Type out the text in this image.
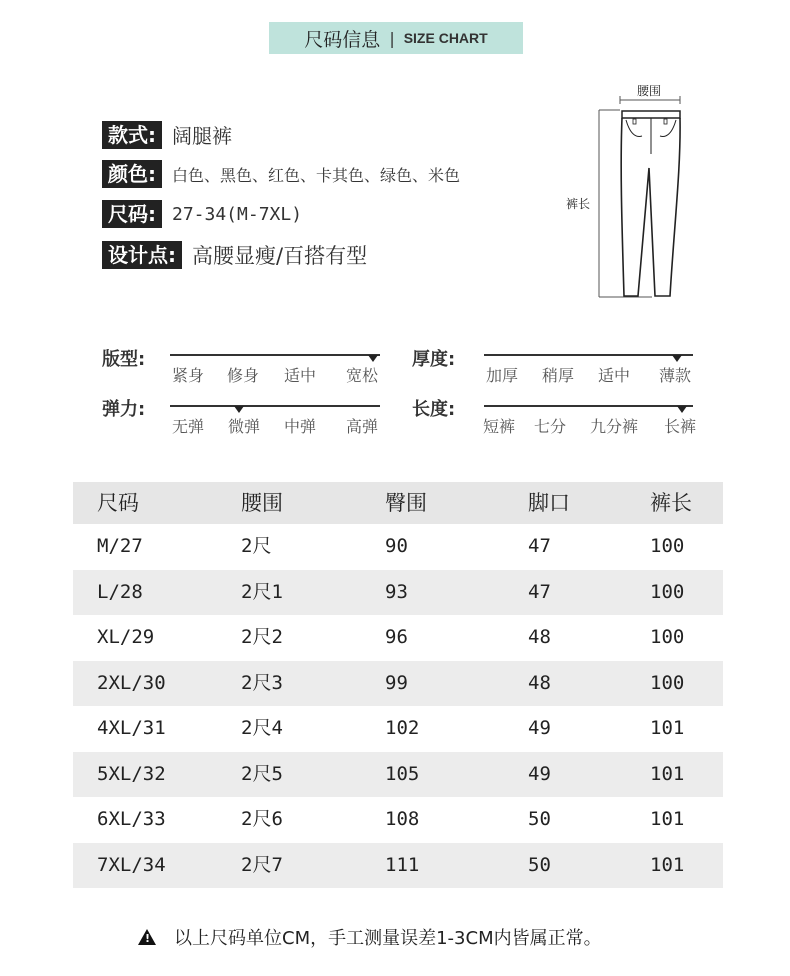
尺码信息 | SIZE CHART
款式: 阔腿裤
颜色:	白色、黑色、红色、卡其色、绿色、米色
尺码: 27-34(M-7XL)
设计点: 高腰显瘦/百搭有型
腰围
裤长
版型:
紧身 修身 适中 宽松
厚度:
加厚 稍厚 适中 薄款
弹力:
无弹 微弹 中弹 高弹
长度:
短裤 七分 九分裤 长裤
尺码	腰围	臀围	脚口	裤长
M/27	2尺	90	47	100
L/28	2尺1	93	47	100
XL/29	2尺2	96	48	100
2XL/30	2尺3	99	48	100
4XL/31	2尺4	102	49	101
5XL/32	2尺5	105	49	101
6XL/33	2尺6	108	50	101
7XL/34	2尺7	111	50	101
! 以上尺码单位CM，手工测量误差1-3CM内皆属正常。
